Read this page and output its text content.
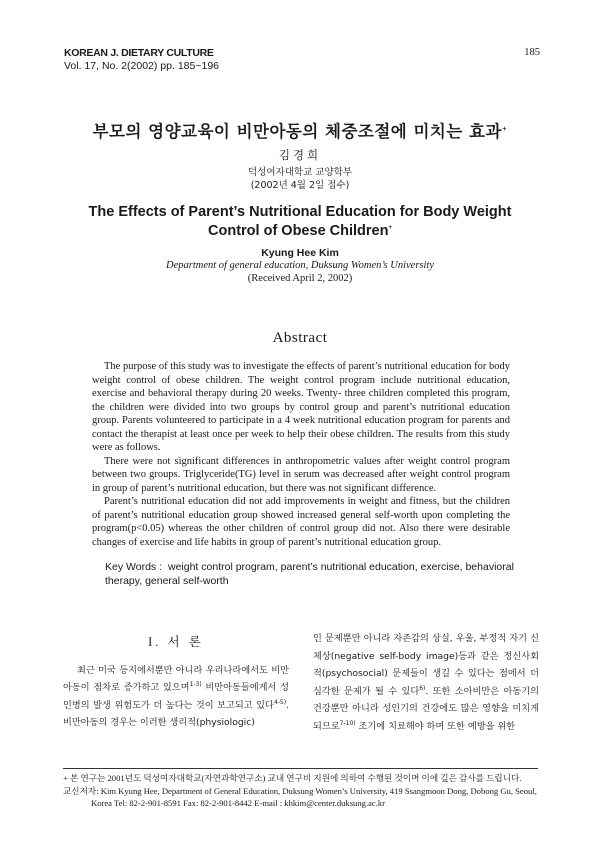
KOREAN J. DIETARY CULTURE
Vol. 17, No. 2(2002) pp. 185~196
185
부모의 영양교육이 비만아동의 체중조절에 미치는 효과+
김경희
덕성여자대학교 교양학부
(2002년 4월 2일 접수)
The Effects of Parent’s Nutritional Education for Body Weight
Control of Obese Children+
Kyung Hee Kim
Department of general education, Duksung Women’s University
(Received April 2, 2002)
Abstract

The purpose of this study was to investigate the effects of parent’s nutritional education for body weight control of obese children. The weight control program include nutritional education, exercise and behavioral therapy during 20 weeks. Twenty- three children completed this program, the children were divided into two groups by control group and parent’s nutritional education group. Parents volunteered to participate in a 4 week nutritional education program for parents and contact the therapist at least once per week to help their obese children. The results from this study were as follows.

There were not significant differences in anthropometric values after weight control program between two groups. Triglyceride(TG) level in serum was decreased after weight control program in group of parent’s nutritional education, but there was not significant difference.

Parent’s nutritional education did not add improvements in weight and fitness, but the children of parent’s nutritional education group showed increased general self-worth upon completing the program(p<0.05) whereas the other children of control group did not. Also there were desirable changes of exercise and life habits in group of parent’s nutritional education group.

Key Words : weight control program, parent’s nutritional education, exercise, behavioral therapy, general self-worth
I. 서 론

최근 미국 등지에서뿐만 아니라 우리나라에서도 비만아동이 점차로 증가하고 있으며$^{1-3)}$ 비만아동들에게서 성인병의 발생 위험도가 더 높다는 것이 보고되고 있다$^{4-5)}$. 비만아동의 경우는 이러한 생리적(physiologic)

인 문제뿐만 아니라 자존감의 상실, 우울, 부정적 자기 신체상(negative self-body image)등과 같은 정신사회적(psychosocial) 문제들이 생길 수 있다는 점에서 더 심각한 문제가 될 수 있다$^{6)}$. 또한 소아비만은 아동기의 건강뿐만 아니라 성인기의 건강에도 많은 영향을 미치게 되므로$^{7-10)}$ 조기에 치료해야 하며 또한 예방을 위한

+ 본 연구는 2001년도 덕성여자대학교(자연과학연구소) 교내 연구비 지원에 의하여 수행된 것이며 이에 깊은 감사를 드립니다.
교신저자: Kim Kyung Hee, Department of General Education, Duksung Women’s University, 419 Ssangmoon Dong, Dobong Gu, Seoul,
Korea Tel: 82-2-901-8591 Fax: 82-2-901-8442 E-mail : khkim@center.duksung.ac.kr
